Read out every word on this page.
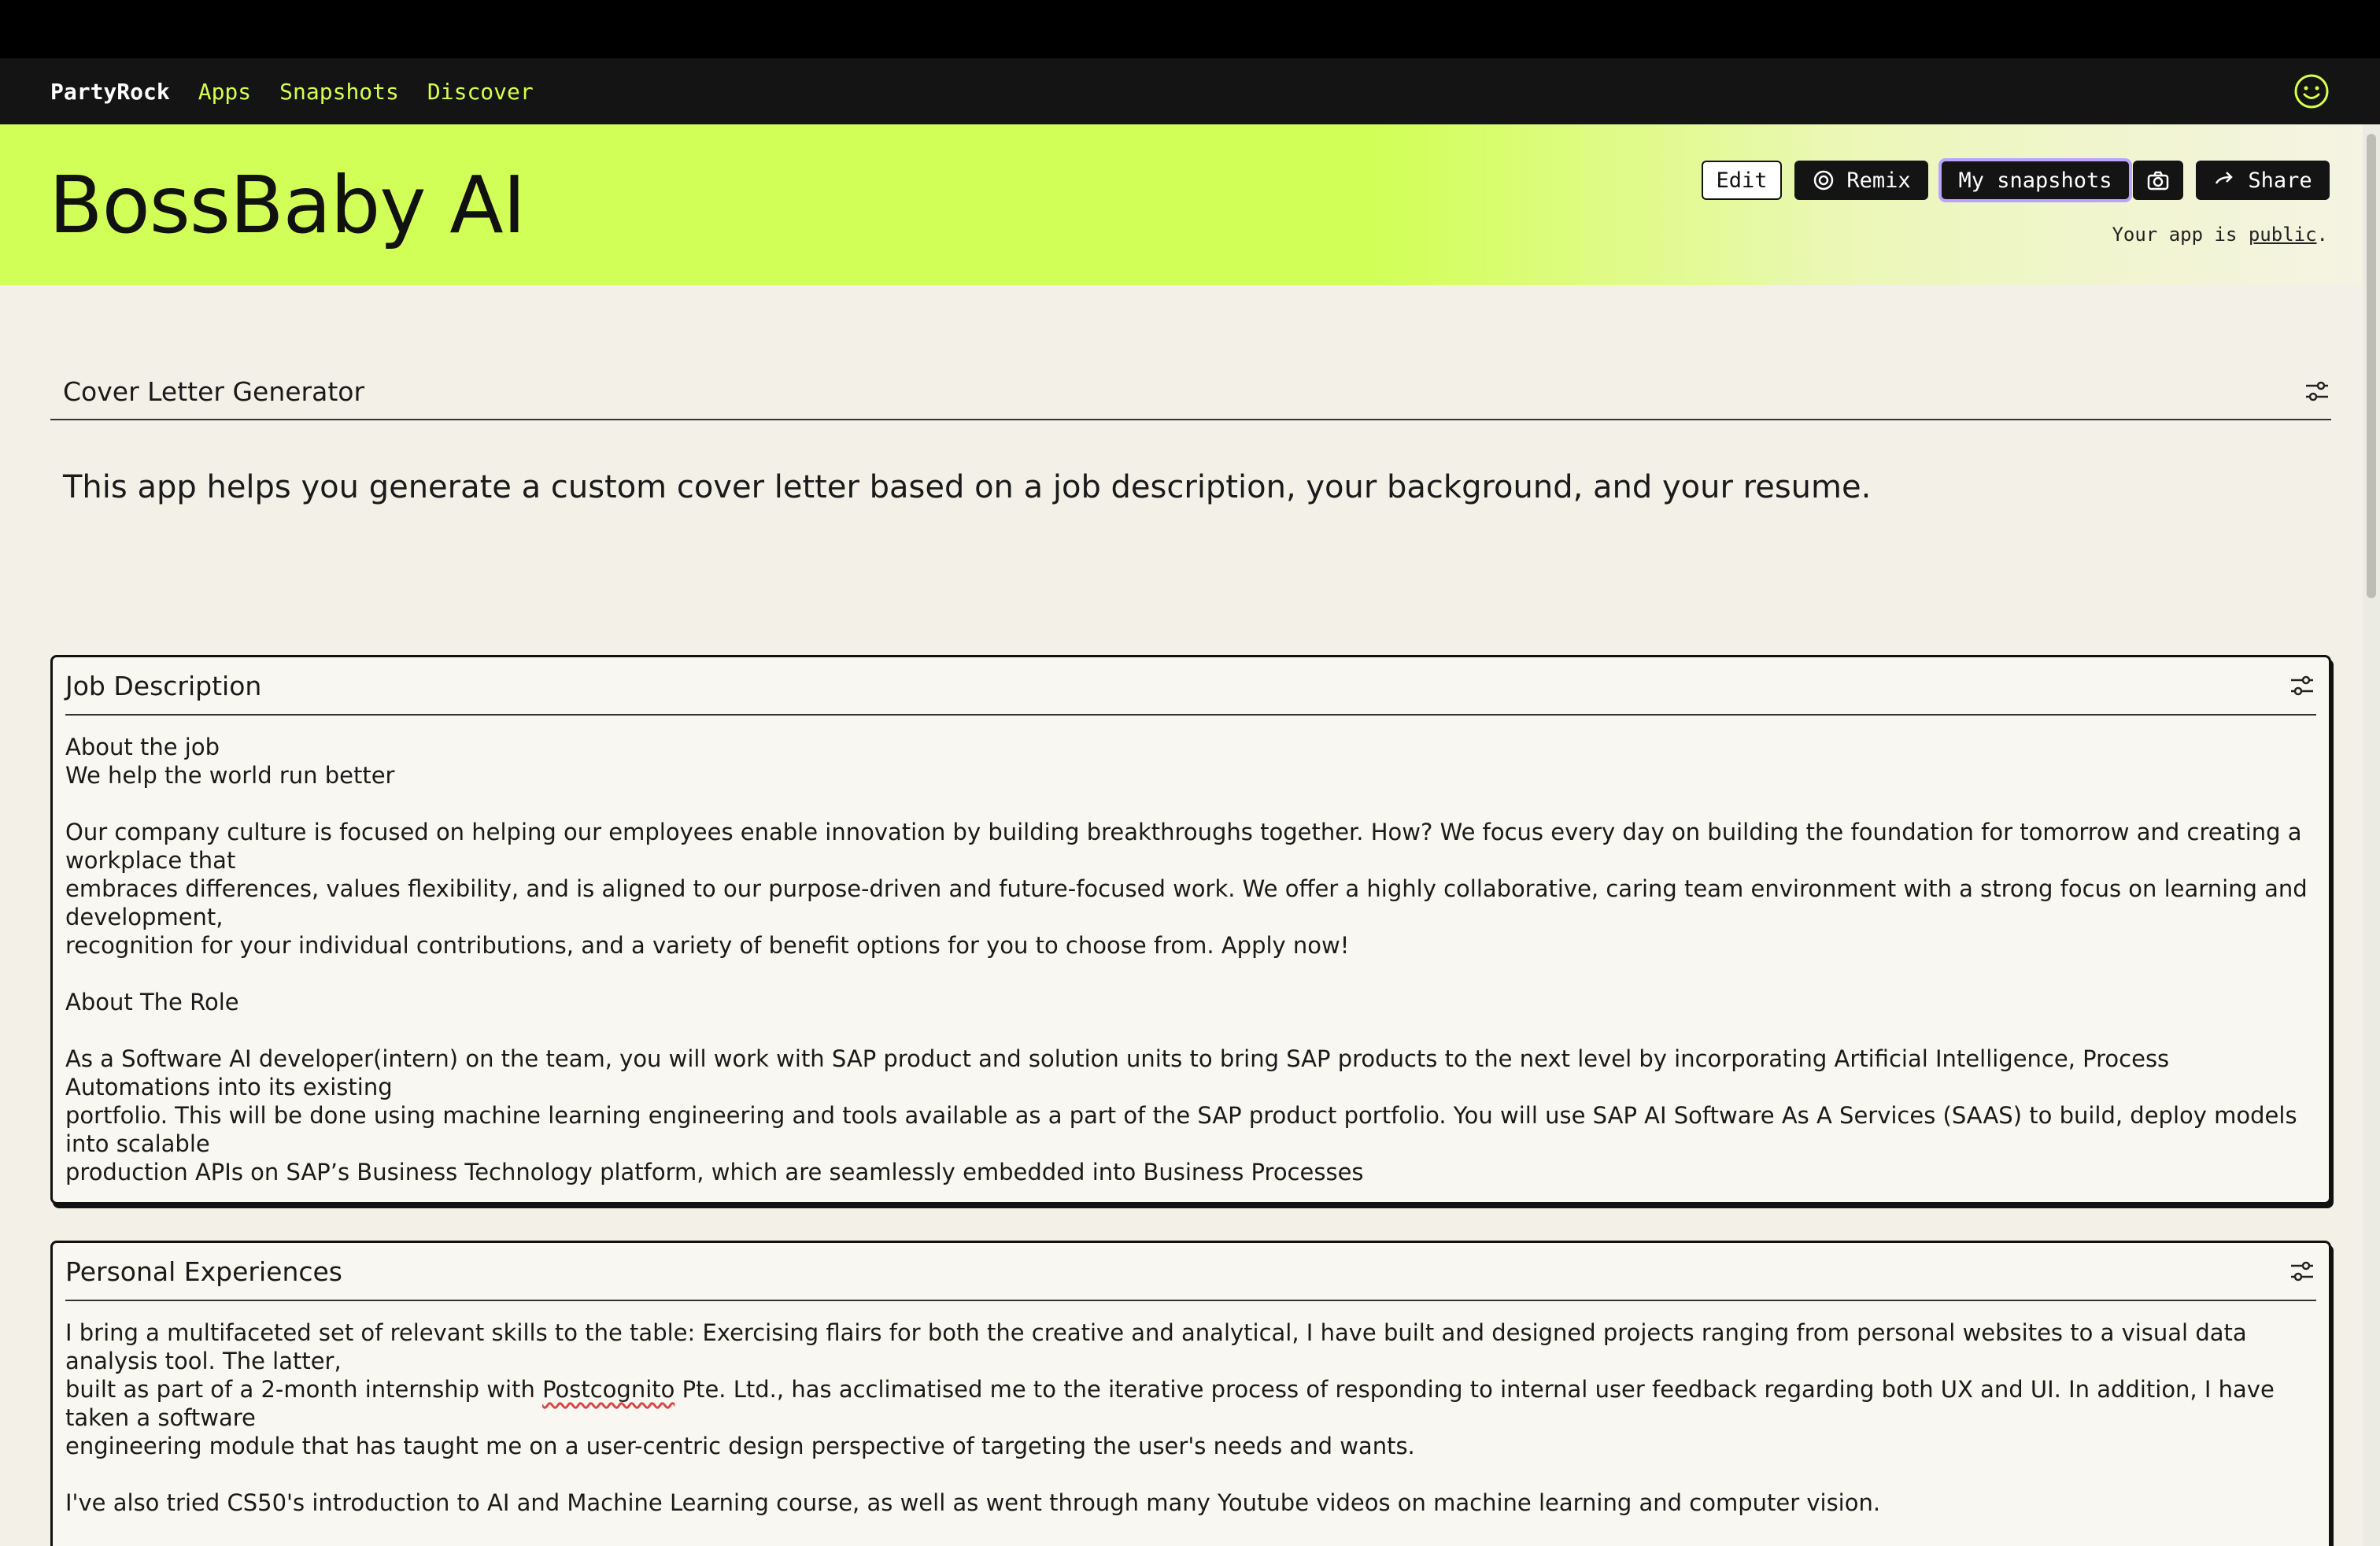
PartyRock Apps Snapshots Discover
BossBaby AI	Edit	Remix My snapshots	Share
Your app is public.
Cover Letter Generator

This app helps you generate a custom cover letter based on a job description, your background, and your resume.

Job Description
About the job
We help the world run better

Our company culture is focused on helping our employees enable innovation by building breakthroughs together. How? We focus every day on building the foundation for tomorrow and creating a workplace that
embraces differences, values flexibility, and is aligned to our purpose-driven and future-focused work. We offer a highly collaborative, caring team environment with a strong focus on learning and development,
recognition for your individual contributions, and a variety of benefit options for you to choose from. Apply now!

About The Role

As a Software AI developer(intern) on the team, you will work with SAP product and solution units to bring SAP products to the next level by incorporating Artificial Intelligence, Process Automations into its existing
portfolio. This will be done using machine learning engineering and tools available as a part of the SAP product portfolio. You will use SAP AI Software As A Services (SAAS) to build, deploy models into scalable
production APIs on SAP’s Business Technology platform, which are seamlessly embedded into Business Processes

Personal Experiences
I bring a multifaceted set of relevant skills to the table: Exercising flairs for both the creative and analytical, I have built and designed projects ranging from personal websites to a visual data analysis tool. The latter,
built as part of a 2-month internship with Postcognito Pte. Ltd., has acclimatised me to the iterative process of responding to internal user feedback regarding both UX and UI. In addition, I have taken a software
engineering module that has taught me on a user-centric design perspective of targeting the user's needs and wants.

I've also tried CS50's introduction to AI and Machine Learning course, as well as went through many Youtube videos on machine learning and computer vision.
